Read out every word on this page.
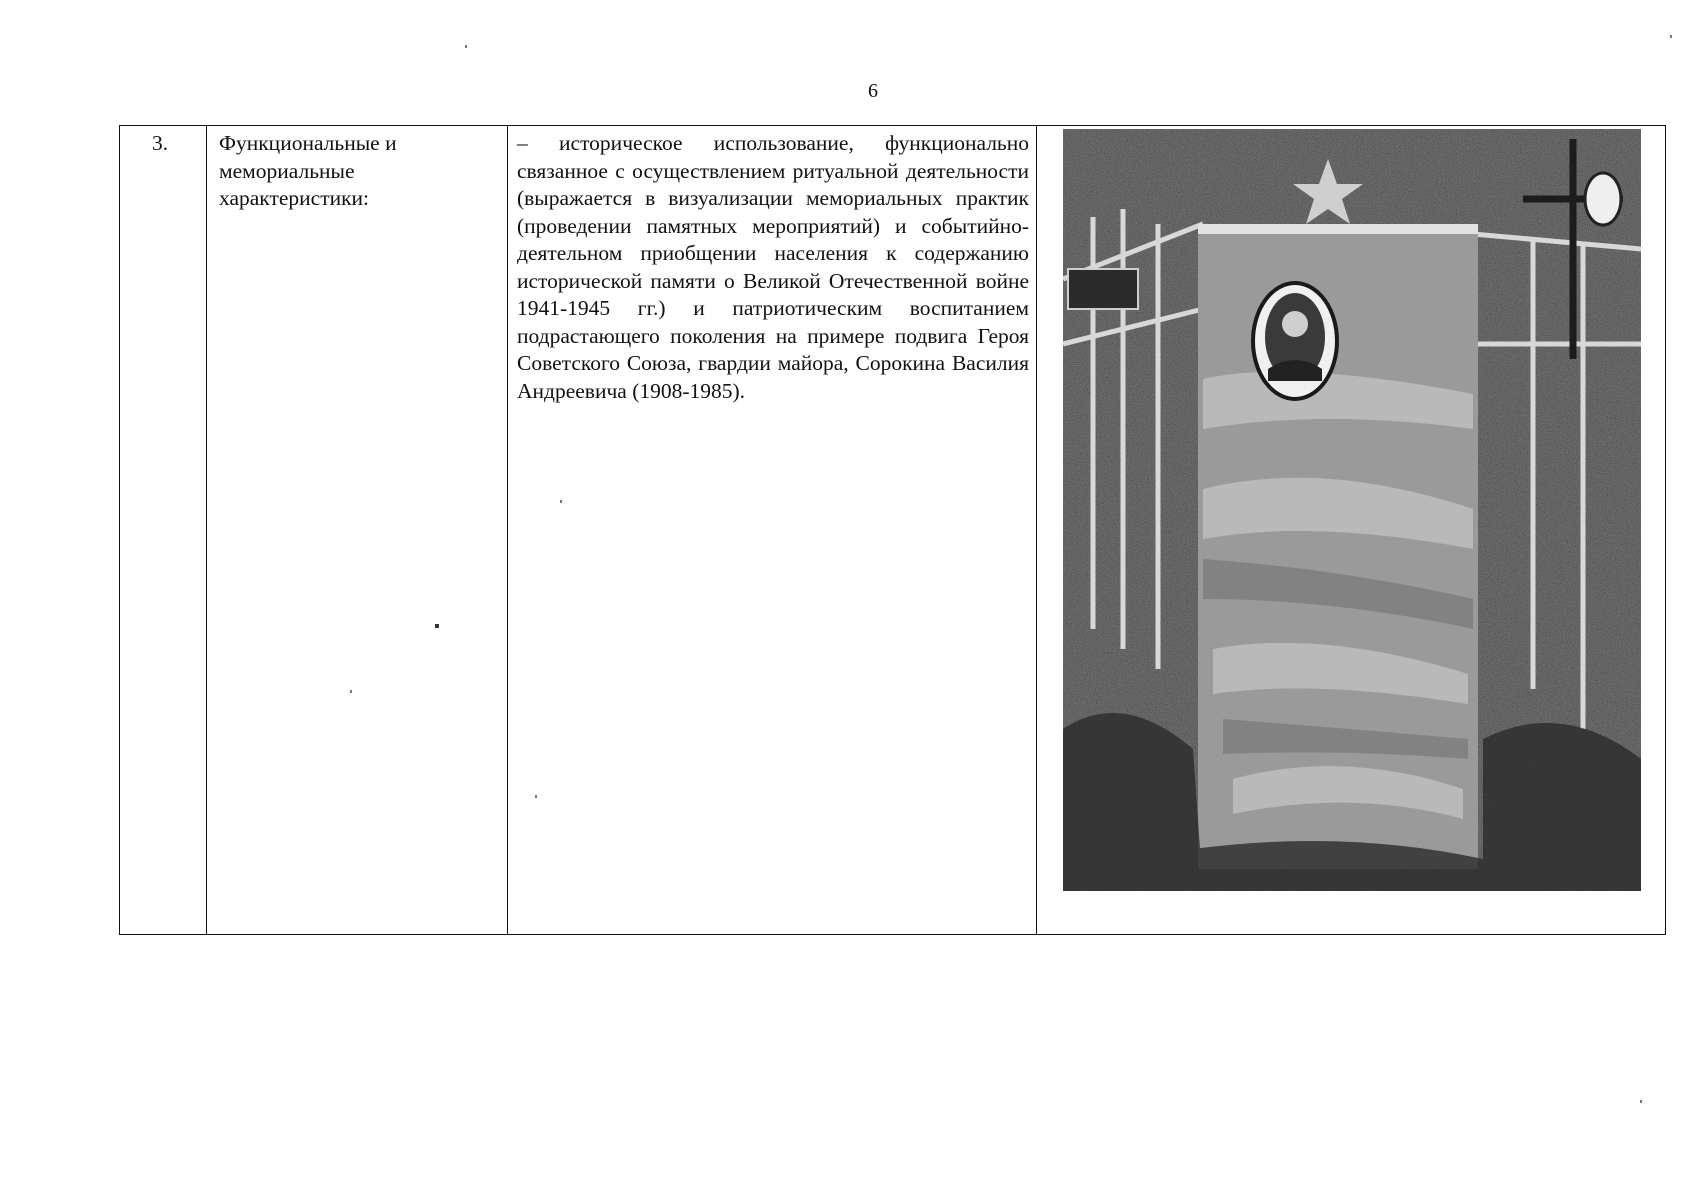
6
3.	Функциональные и
мемориальные
характеристики:

– историческое использование, функционально связанное с осуществлением ритуальной деятельности (выражается в визуализации мемориальных практик (проведении памятных мероприятий) и событийно-деятельном приобщении населения к содержанию исторической памяти о Великой Отечественной войне 1941-1945 гг.) и патриотическим воспитанием подрастающего поколения на примере подвига Героя Советского Союза, гвардии майора, Сорокина Василия Андреевича (1908-1985).
